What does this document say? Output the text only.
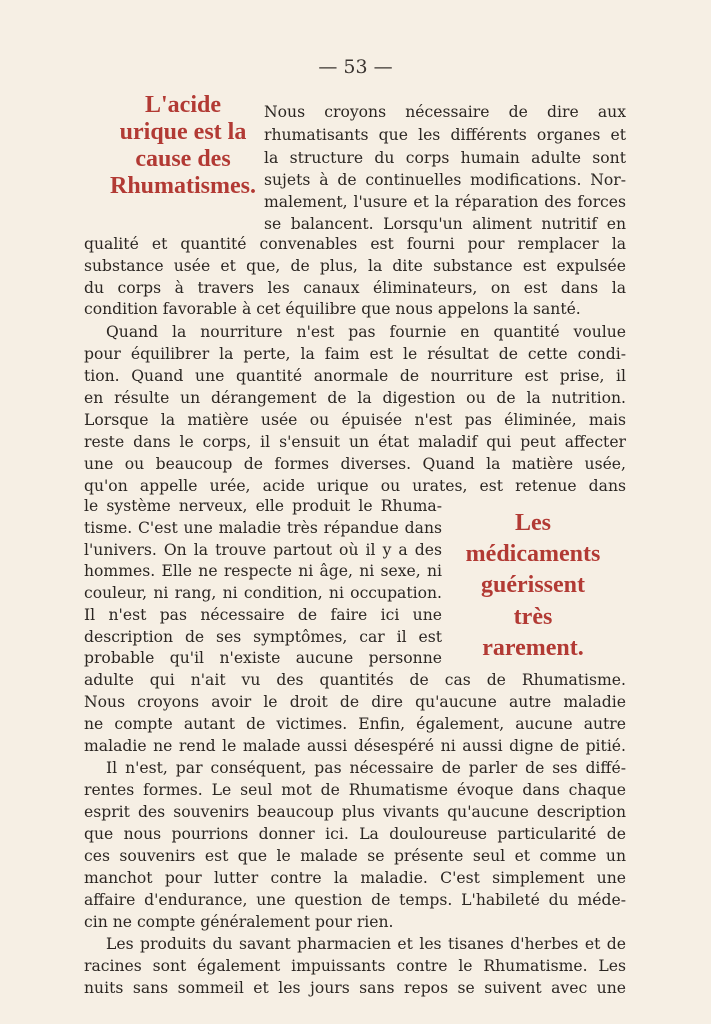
— 53 —
L'acide
urique est la
cause des
Rhumatismes.
Les
médicaments
guérissent
très
rarement.
Nous croyons nécessaire de dire aux
rhumatisants que les différents organes et
la structure du corps humain adulte sont
sujets à de continuelles modifications. Nor-
malement, l'usure et la réparation des forces
se balancent. Lorsqu'un aliment nutritif en
qualité et quantité convenables est fourni pour remplacer la
substance usée et que, de plus, la dite substance est expulsée
du corps à travers les canaux éliminateurs, on est dans la
condition favorable à cet équilibre que nous appelons la santé.
Quand la nourriture n'est pas fournie en quantité voulue
pour équilibrer la perte, la faim est le résultat de cette condi-
tion. Quand une quantité anormale de nourriture est prise, il
en résulte un dérangement de la digestion ou de la nutrition.
Lorsque la matière usée ou épuisée n'est pas éliminée, mais
reste dans le corps, il s'ensuit un état maladif qui peut affecter
une ou beaucoup de formes diverses. Quand la matière usée,
qu'on appelle urée, acide urique ou urates, est retenue dans
le système nerveux, elle produit le Rhuma-
tisme. C'est une maladie très répandue dans
l'univers. On la trouve partout où il y a des
hommes. Elle ne respecte ni âge, ni sexe, ni
couleur, ni rang, ni condition, ni occupation.
Il n'est pas nécessaire de faire ici une
description de ses symptômes, car il est
probable qu'il n'existe aucune personne
adulte qui n'ait vu des quantités de cas de Rhumatisme.
Nous croyons avoir le droit de dire qu'aucune autre maladie
ne compte autant de victimes. Enfin, également, aucune autre
maladie ne rend le malade aussi désespéré ni aussi digne de pitié.
Il n'est, par conséquent, pas nécessaire de parler de ses diffé-
rentes formes. Le seul mot de Rhumatisme évoque dans chaque
esprit des souvenirs beaucoup plus vivants qu'aucune description
que nous pourrions donner ici. La douloureuse particularité de
ces souvenirs est que le malade se présente seul et comme un
manchot pour lutter contre la maladie. C'est simplement une
affaire d'endurance, une question de temps. L'habileté du méde-
cin ne compte généralement pour rien.
Les produits du savant pharmacien et les tisanes d'herbes et de
racines sont également impuissants contre le Rhumatisme. Les
nuits sans sommeil et les jours sans repos se suivent avec une
